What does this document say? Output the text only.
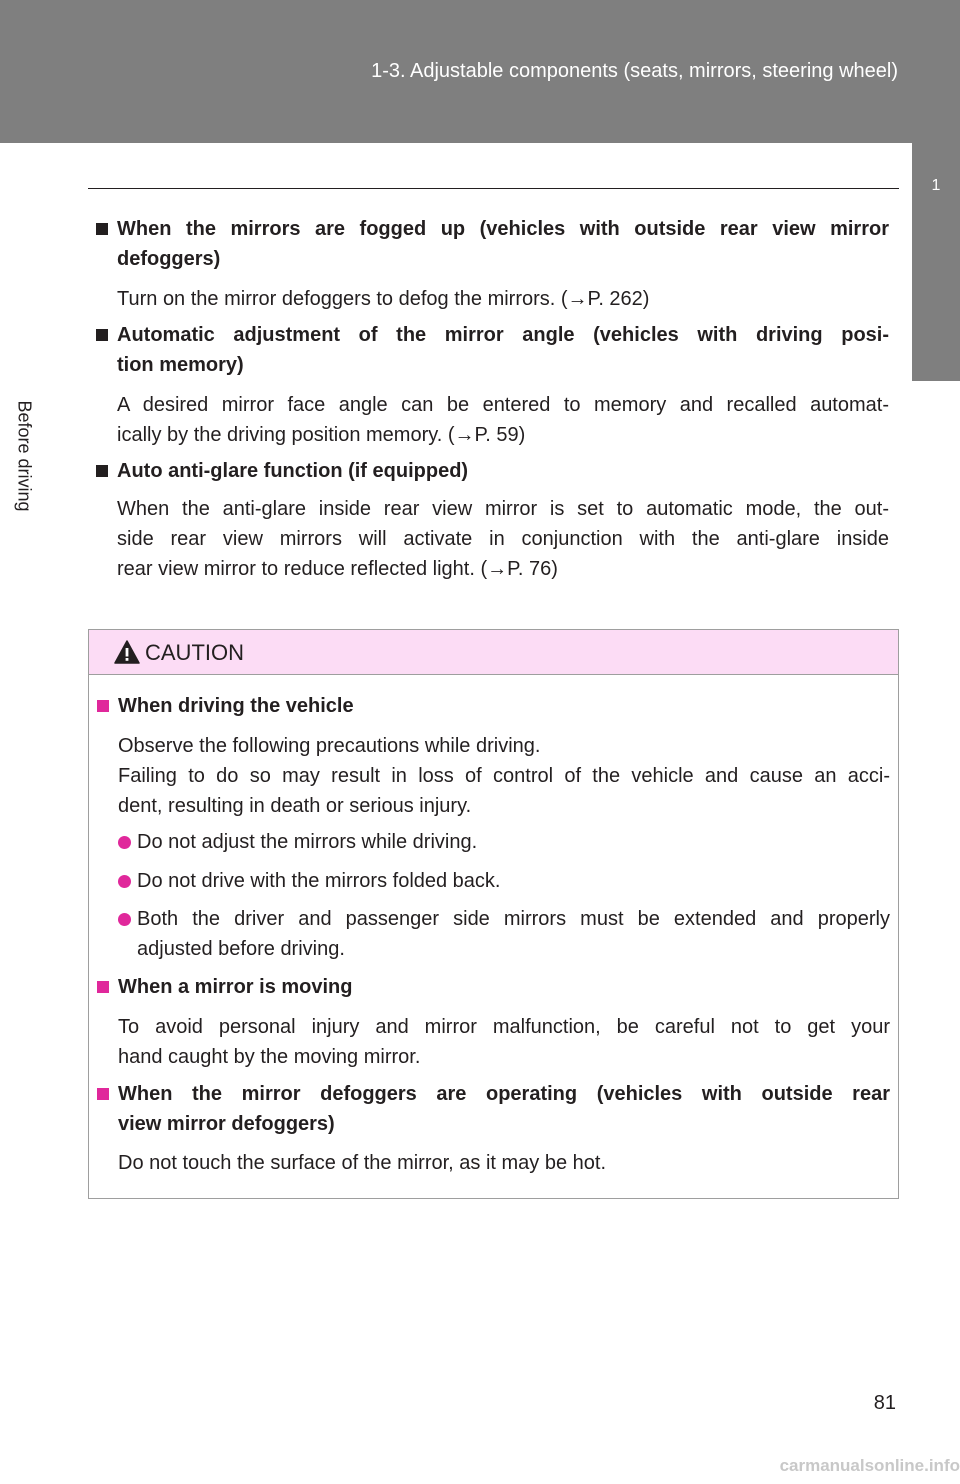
1-3. Adjustable components (seats, mirrors, steering wheel)
1
Before driving
When the mirrors are fogged up (vehicles with outside rear view mirror
defoggers)
Turn on the mirror defoggers to defog the mirrors. (→P. 262)
Automatic adjustment of the mirror angle (vehicles with driving posi-
tion memory)
A desired mirror face angle can be entered to memory and recalled automat-
ically by the driving position memory. (→P. 59)
Auto anti-glare function (if equipped)
When the anti-glare inside rear view mirror is set to automatic mode, the out-
side rear view mirrors will activate in conjunction with the anti-glare inside
rear view mirror to reduce reflected light. (→P. 76)
CAUTION
When driving the vehicle
Observe the following precautions while driving.
Failing to do so may result in loss of control of the vehicle and cause an acci-
dent, resulting in death or serious injury.
Do not adjust the mirrors while driving.
Do not drive with the mirrors folded back.
Both the driver and passenger side mirrors must be extended and properly
adjusted before driving.
When a mirror is moving
To avoid personal injury and mirror malfunction, be careful not to get your
hand caught by the moving mirror.
When the mirror defoggers are operating (vehicles with outside rear
view mirror defoggers)
Do not touch the surface of the mirror, as it may be hot.
81
carmanualsonline.info
